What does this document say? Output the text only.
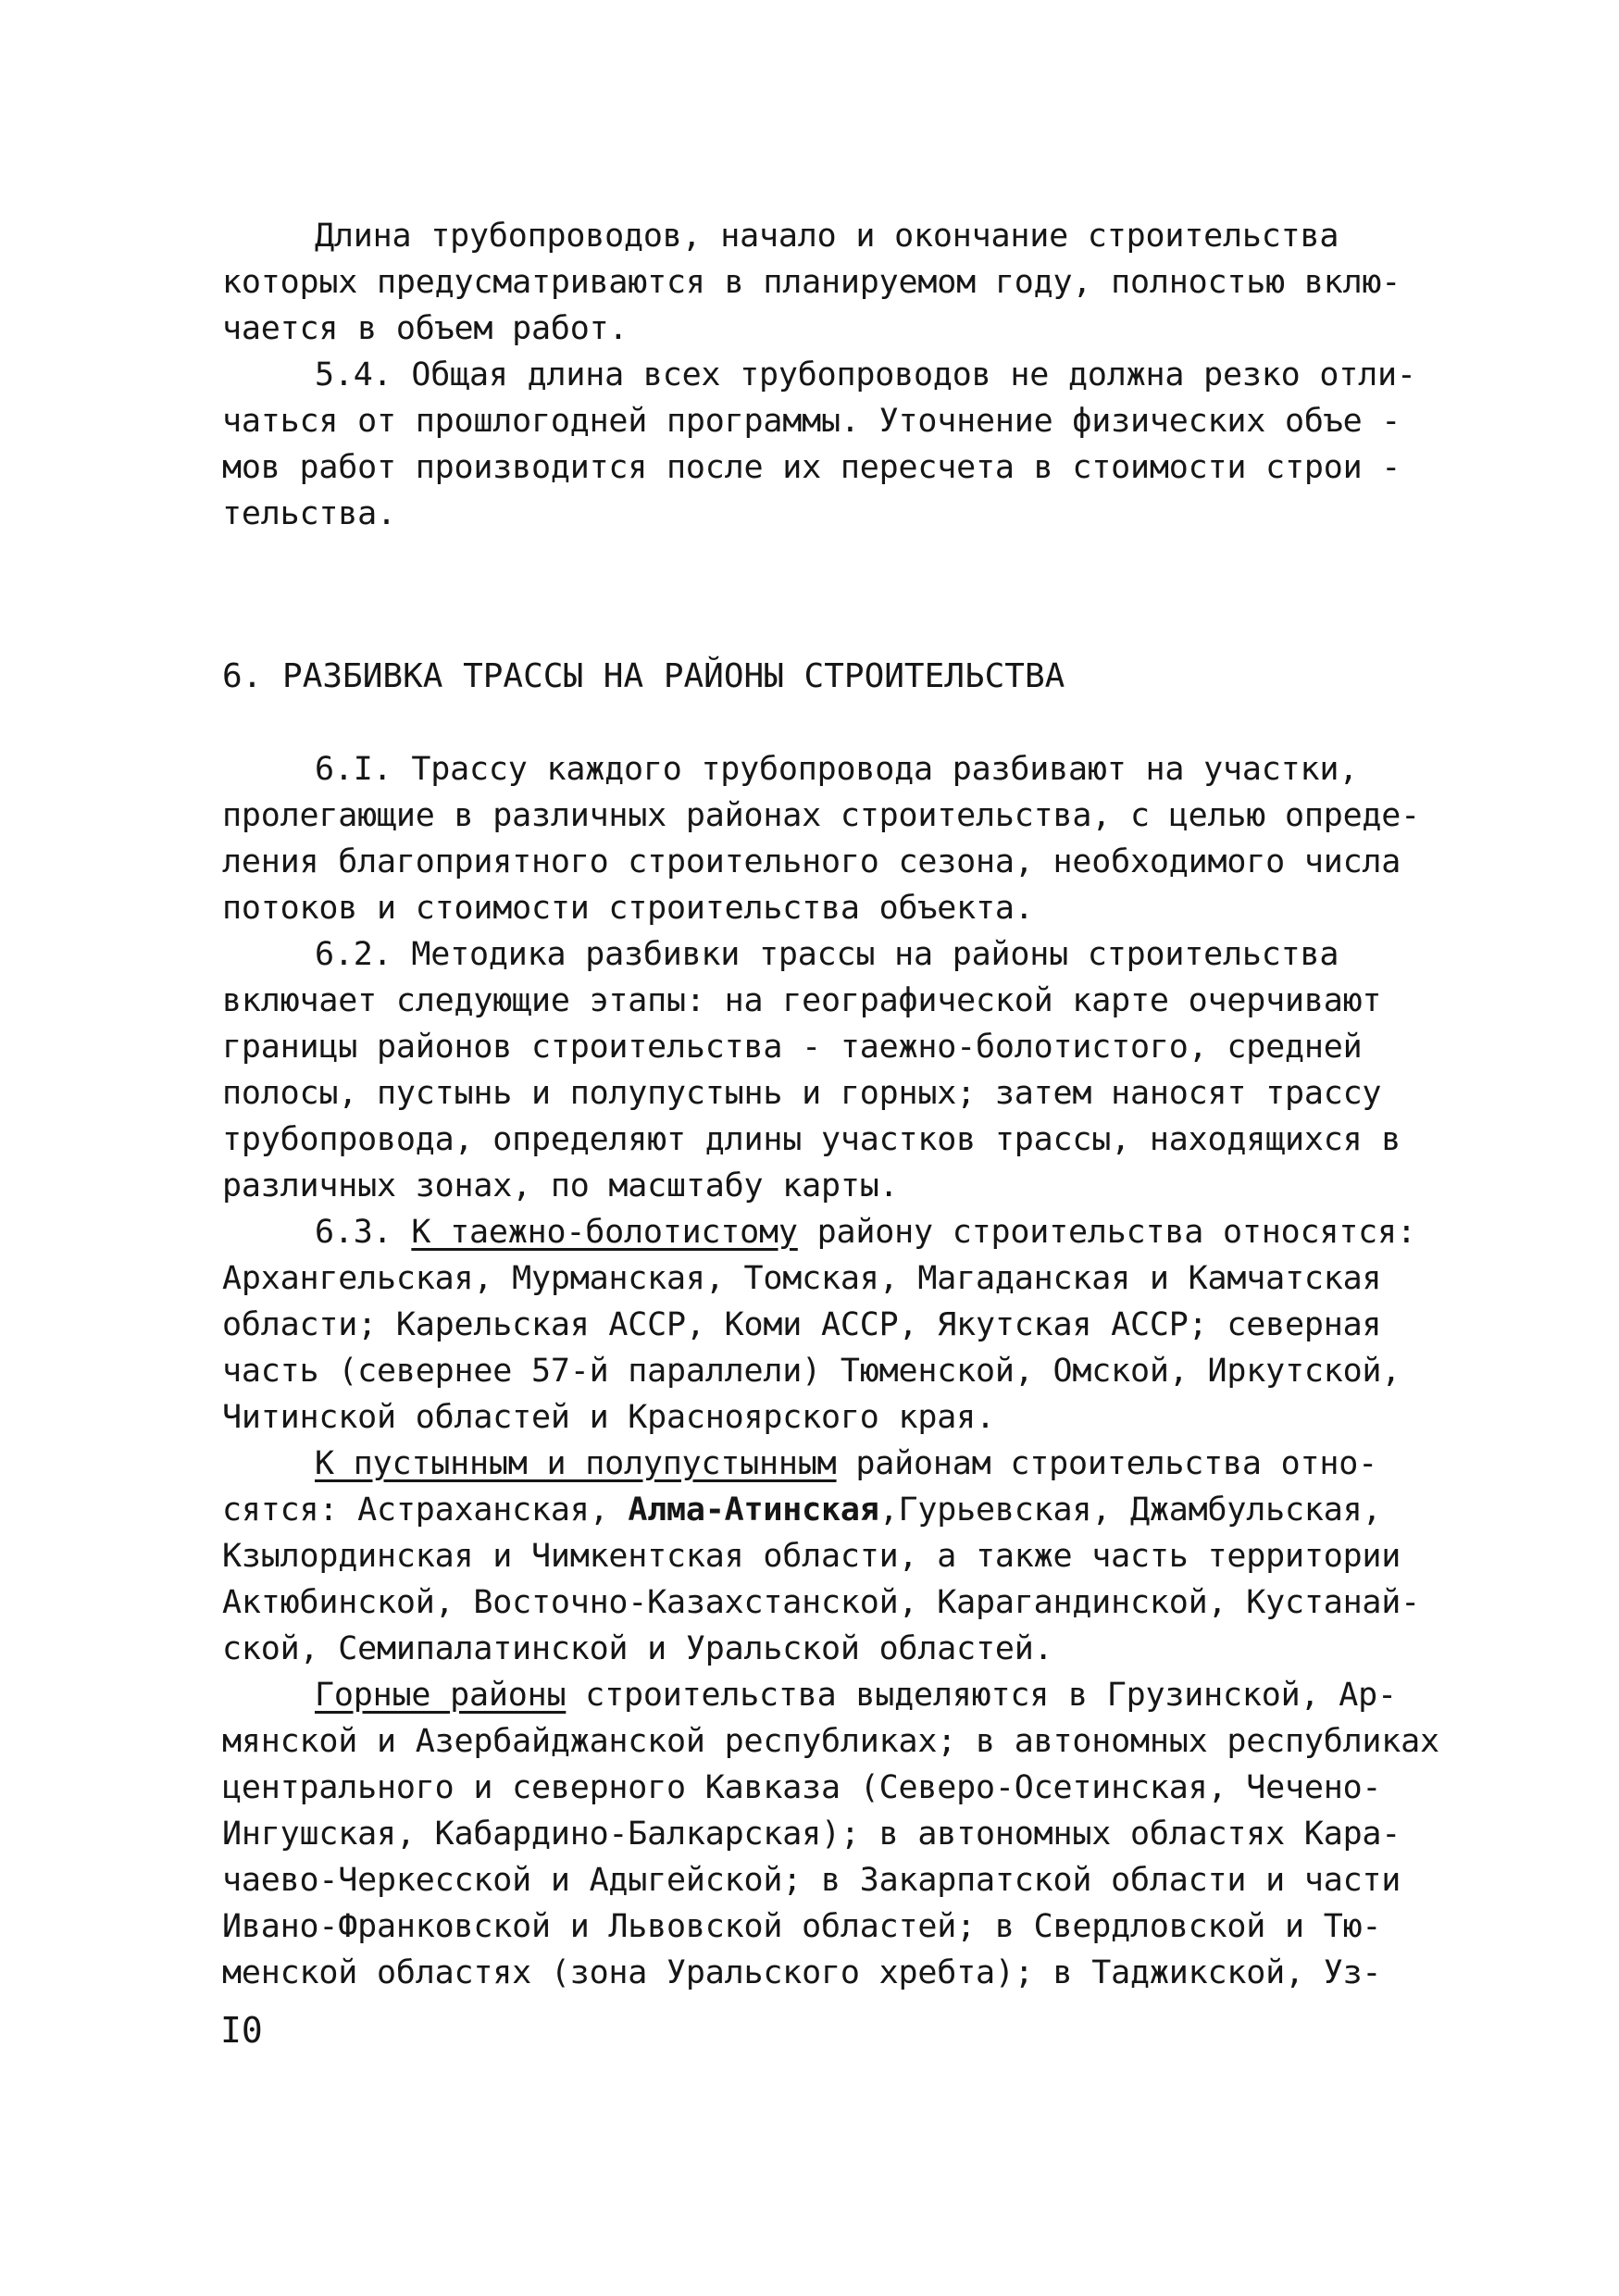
Длина трубопроводов, начало и окончание строительства
которых предусматриваются в планируемом году, полностью вклю-
чается в объем работ.
5.4. Общая длина всех трубопроводов не должна резко отли-
чаться от прошлогодней программы. Уточнение физических объе -
мов работ производится после их пересчета в стоимости строи -
тельства.
6. РАЗБИВКА ТРАССЫ НА РАЙОНЫ СТРОИТЕЛЬСТВА
6.I. Трассу каждого трубопровода разбивают на участки,
пролегающие в различных районах строительства, с целью опреде-
ления благоприятного строительного сезона, необходимого числа
потоков и стоимости строительства объекта.
6.2. Методика разбивки трассы на районы строительства
включает следующие этапы: на географической карте очерчивают
границы районов строительства - таежно-болотистого, средней
полосы, пустынь и полупустынь и горных; затем наносят трассу
трубопровода, определяют длины участков трассы, находящихся в
различных зонах, по масштабу карты.
6.3. К таежно-болотистому району строительства относятся:
Архангельская, Мурманская, Томская, Магаданская и Камчатская
области; Карельская АССР, Коми АССР, Якутская АССР; северная
часть (севернее 57-й параллели) Тюменской, Омской, Иркутской,
Читинской областей и Красноярского края.
К пустынным и полупустынным районам строительства отно-
сятся: Астраханская, Алма-Атинская,Гурьевская, Джамбульская,
Кзылординская и Чимкентская области, а также часть территории
Актюбинской, Восточно-Казахстанской, Карагандинской, Кустанай-
ской, Семипалатинской и Уральской областей.
Горные районы строительства выделяются в Грузинской, Ар-
мянской и Азербайджанской республиках; в автономных республиках
центрального и северного Кавказа (Северо-Осетинская, Чечено-
Ингушская, Кабардино-Балкарская); в автономных областях Кара-
чаево-Черкесской и Адыгейской; в Закарпатской области и части
Ивано-Франковской и Львовской областей; в Свердловской и Тю-
менской областях (зона Уральского хребта); в Таджикской, Уз-
I0
